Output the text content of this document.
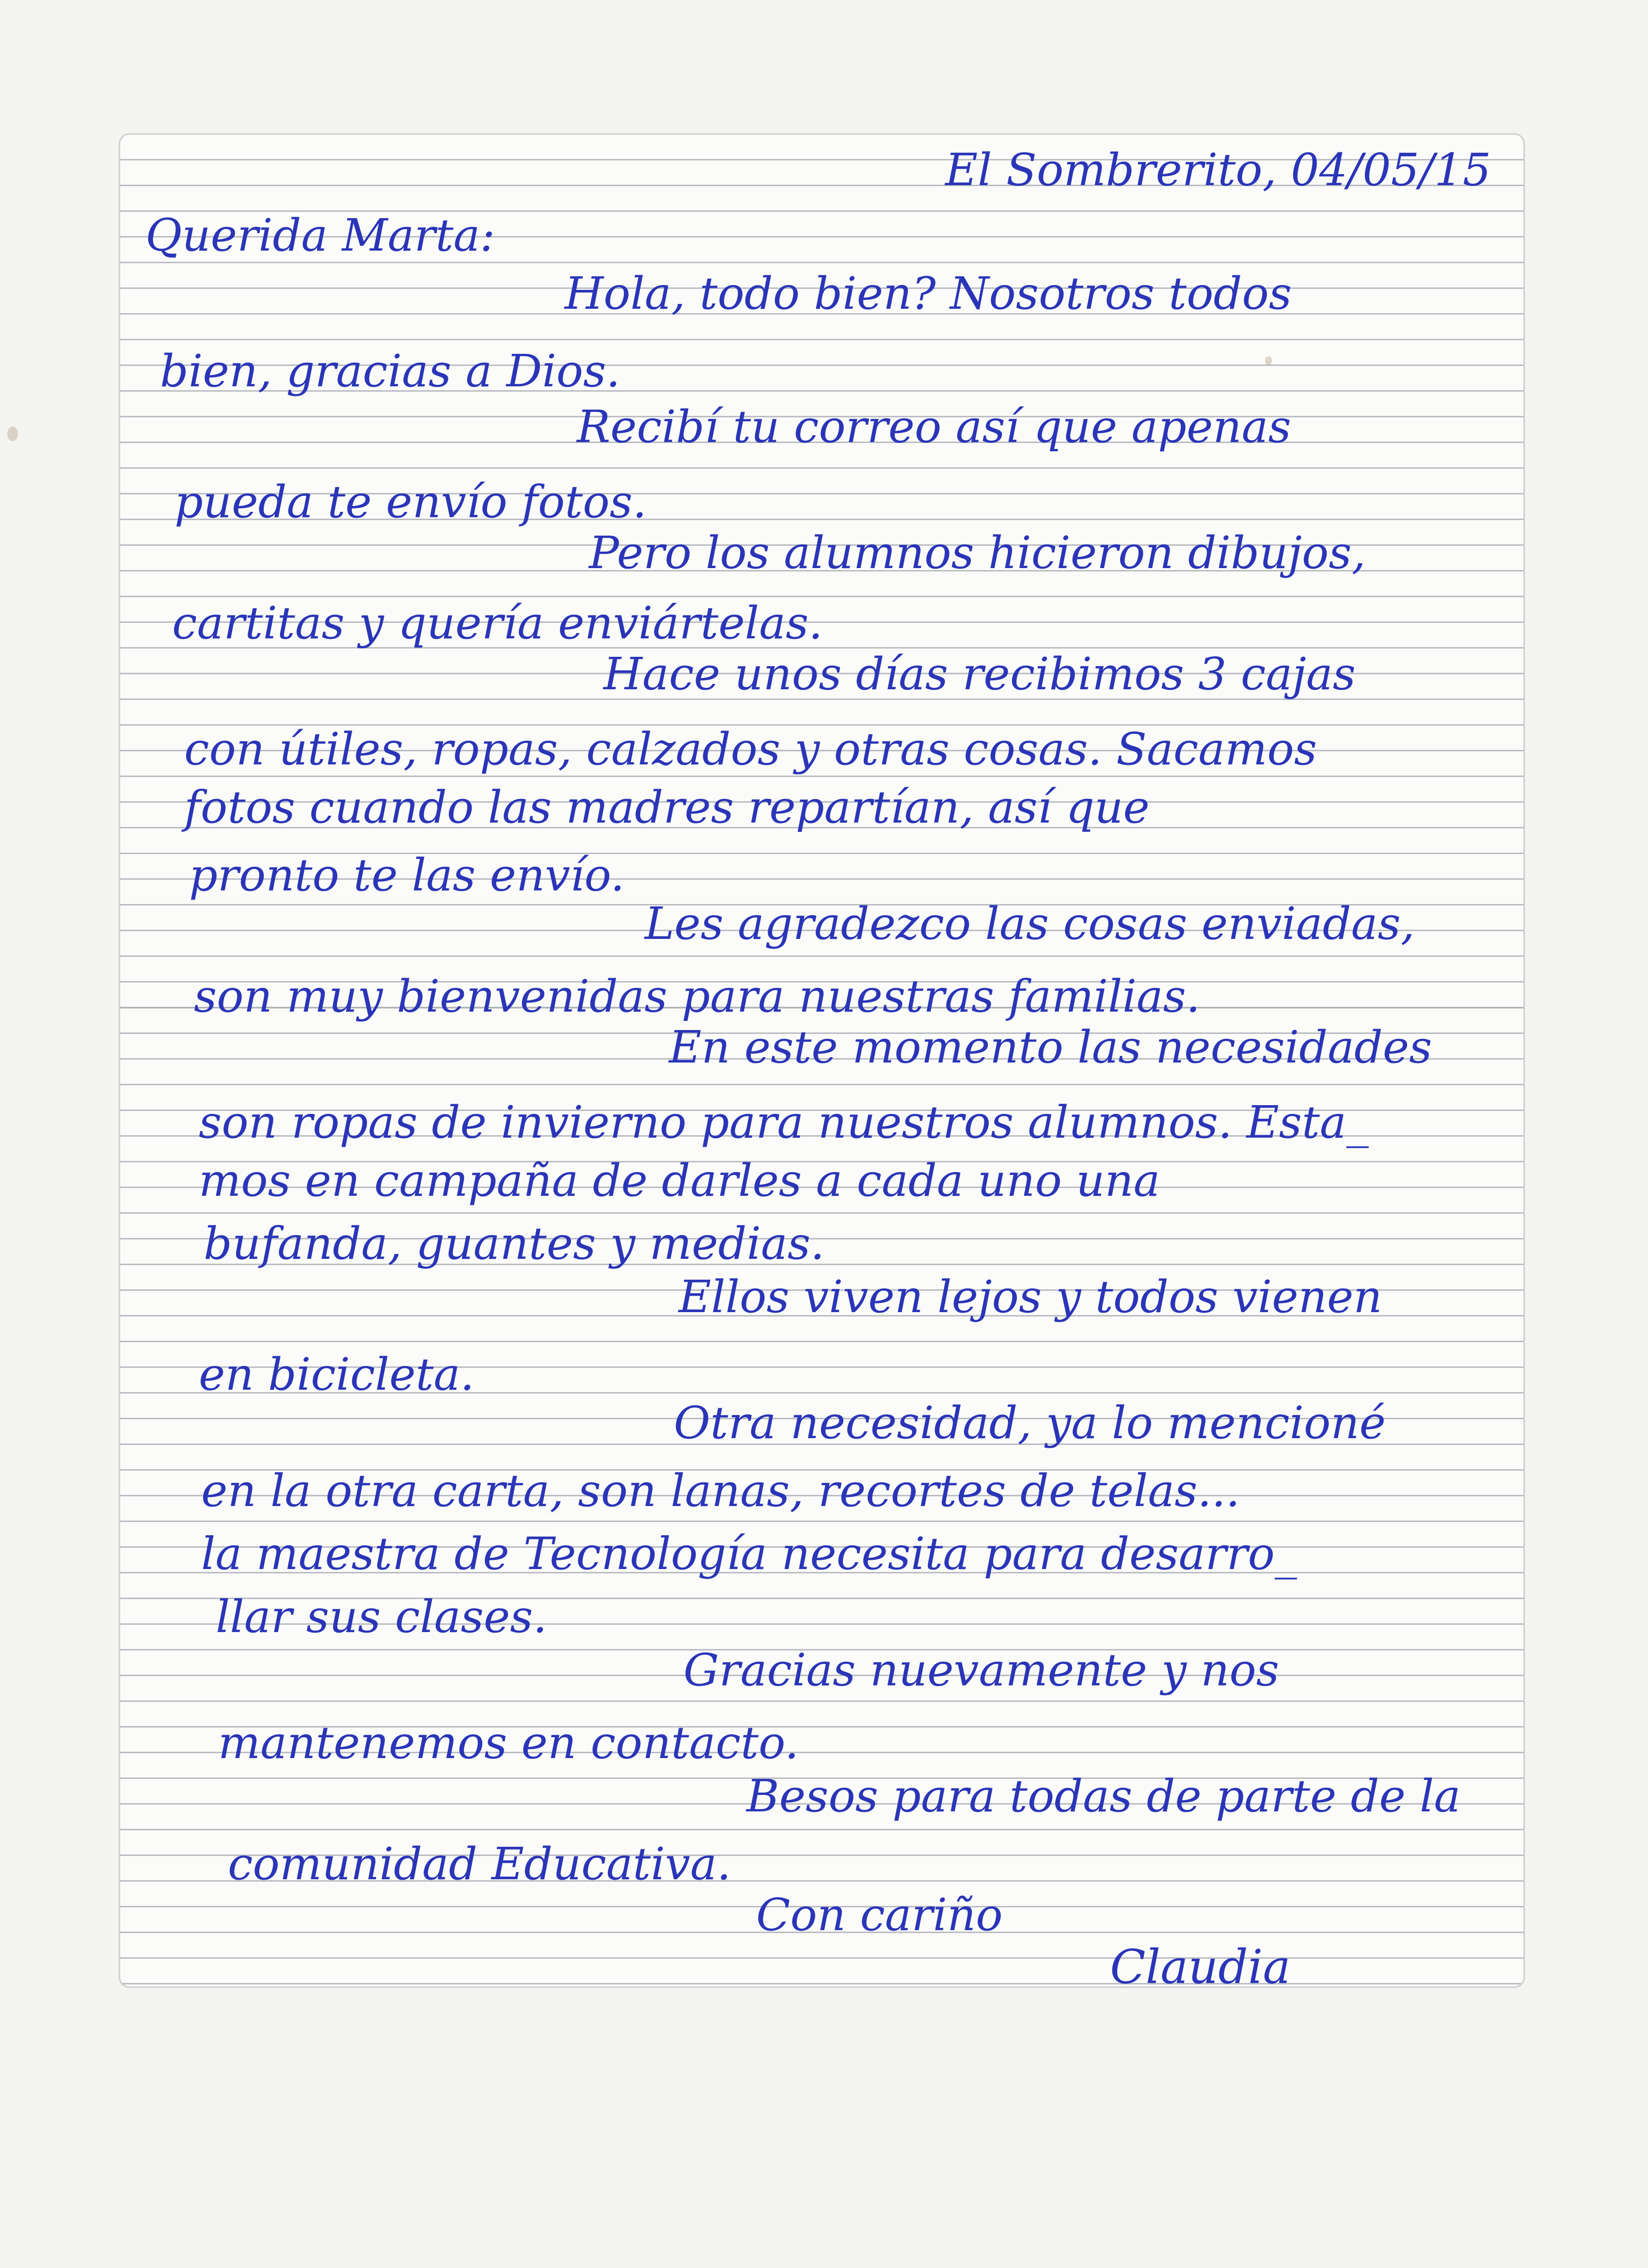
El Sombrerito, 04/05/15
Querida Marta:
Hola, todo bien? Nosotros todos
bien, gracias a Dios.
Recibí tu correo así que apenas
pueda te envío fotos.
Pero los alumnos hicieron dibujos,
cartitas y quería enviártelas.
Hace unos días recibimos 3 cajas
con útiles, ropas, calzados y otras cosas. Sacamos
fotos cuando las madres repartían, así que
pronto te las envío.
Les agradezco las cosas enviadas,
son muy bienvenidas para nuestras familias.
En este momento las necesidades
son ropas de invierno para nuestros alumnos. Esta_
mos en campaña de darles a cada uno una
bufanda, guantes y medias.
Ellos viven lejos y todos vienen
en bicicleta.
Otra necesidad, ya lo mencioné
en la otra carta, son lanas, recortes de telas...
la maestra de Tecnología necesita para desarro_
llar sus clases.
Gracias nuevamente y nos
mantenemos en contacto.
Besos para todas de parte de la
comunidad Educativa.
Con cariño
Claudia
